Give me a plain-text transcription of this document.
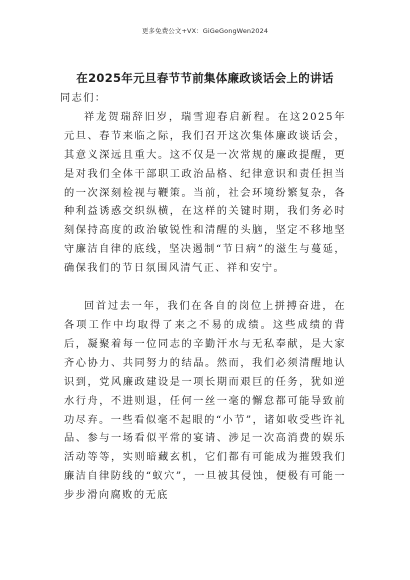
更多免费公文+VX：GiGeGongWen2024
在2025年元旦春节节前集体廉政谈话会上的讲话

同志们：

祥龙贺瑞辞旧岁，瑞雪迎春启新程。在这2025年元旦、春节来临之际，我们召开这次集体廉政谈话会，其意义深远且重大。这不仅是一次常规的廉政提醒，更是对我们全体干部职工政治品格、纪律意识和责任担当的一次深刻检视与鞭策。当前，社会环境纷繁复杂，各种利益诱惑交织纵横，在这样的关键时期，我们务必时刻保持高度的政治敏锐性和清醒的头脑，坚定不移地坚守廉洁自律的底线，坚决遏制“节日病”的滋生与蔓延，确保我们的节日氛围风清气正、祥和安宁。

回首过去一年，我们在各自的岗位上拼搏奋进，在各项工作中均取得了来之不易的成绩。这些成绩的背后，凝聚着每一位同志的辛勤汗水与无私奉献，是大家齐心协力、共同努力的结晶。然而，我们必须清醒地认识到，党风廉政建设是一项长期而艰巨的任务，犹如逆水行舟，不进则退，任何一丝一毫的懈怠都可能导致前功尽弃。一些看似毫不起眼的“小节”，诸如收受些许礼品、参与一场看似平常的宴请、涉足一次高消费的娱乐活动等等，实则暗藏玄机，它们都有可能成为摧毁我们廉洁自律防线的“蚁穴”，一旦被其侵蚀，便极有可能一步步滑向腐败的无底
